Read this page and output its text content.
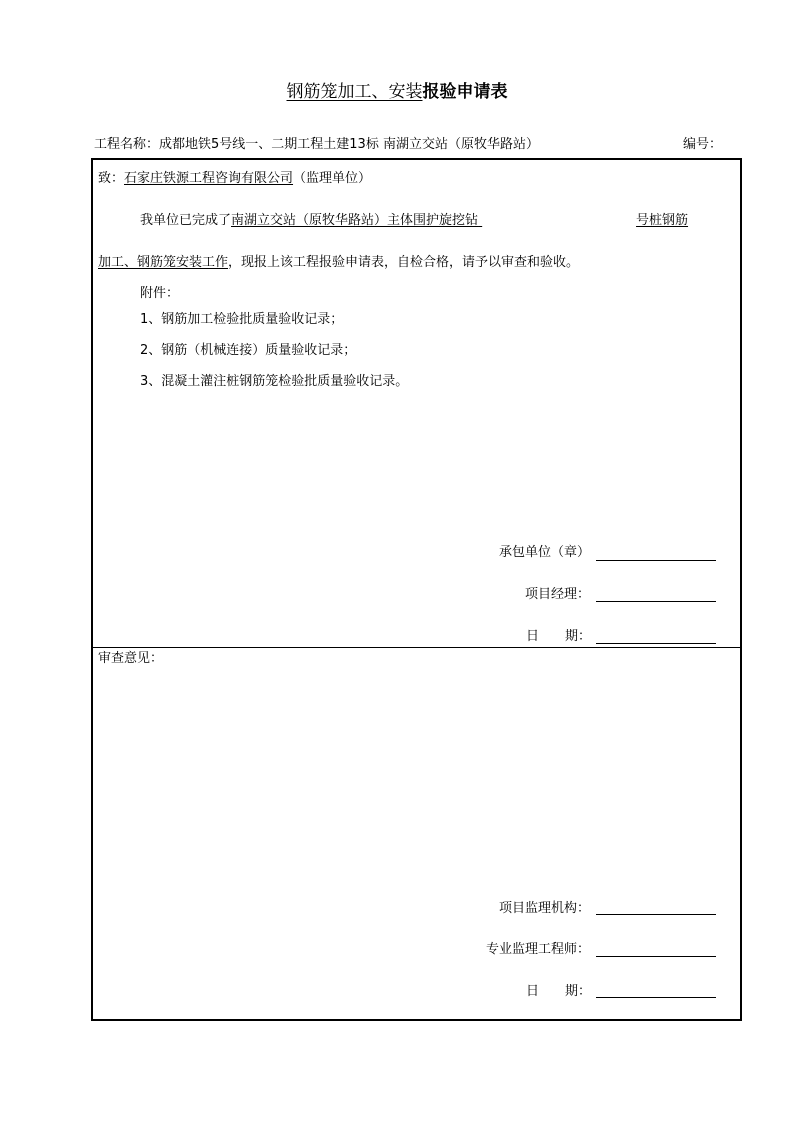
钢筋笼加工、安装报验申请表
工程名称：成都地铁5号线一、二期工程土建13标 南湖立交站（原牧华路站）	编号：
致：石家庄铁源工程咨询有限公司（监理单位）
我单位已完成了南湖立交站（原牧华路站）主体围护旋挖钻	号桩钢筋
加工、钢筋笼安装工作，现报上该工程报验申请表，自检合格，请予以审查和验收。
附件：
1、钢筋加工检验批质量验收记录；
2、钢筋（机械连接）质量验收记录；
3、混凝土灌注桩钢筋笼检验批质量验收记录。
承包单位（章）
项目经理：
日　　期：
审查意见：
项目监理机构：
专业监理工程师：
日　　期：
